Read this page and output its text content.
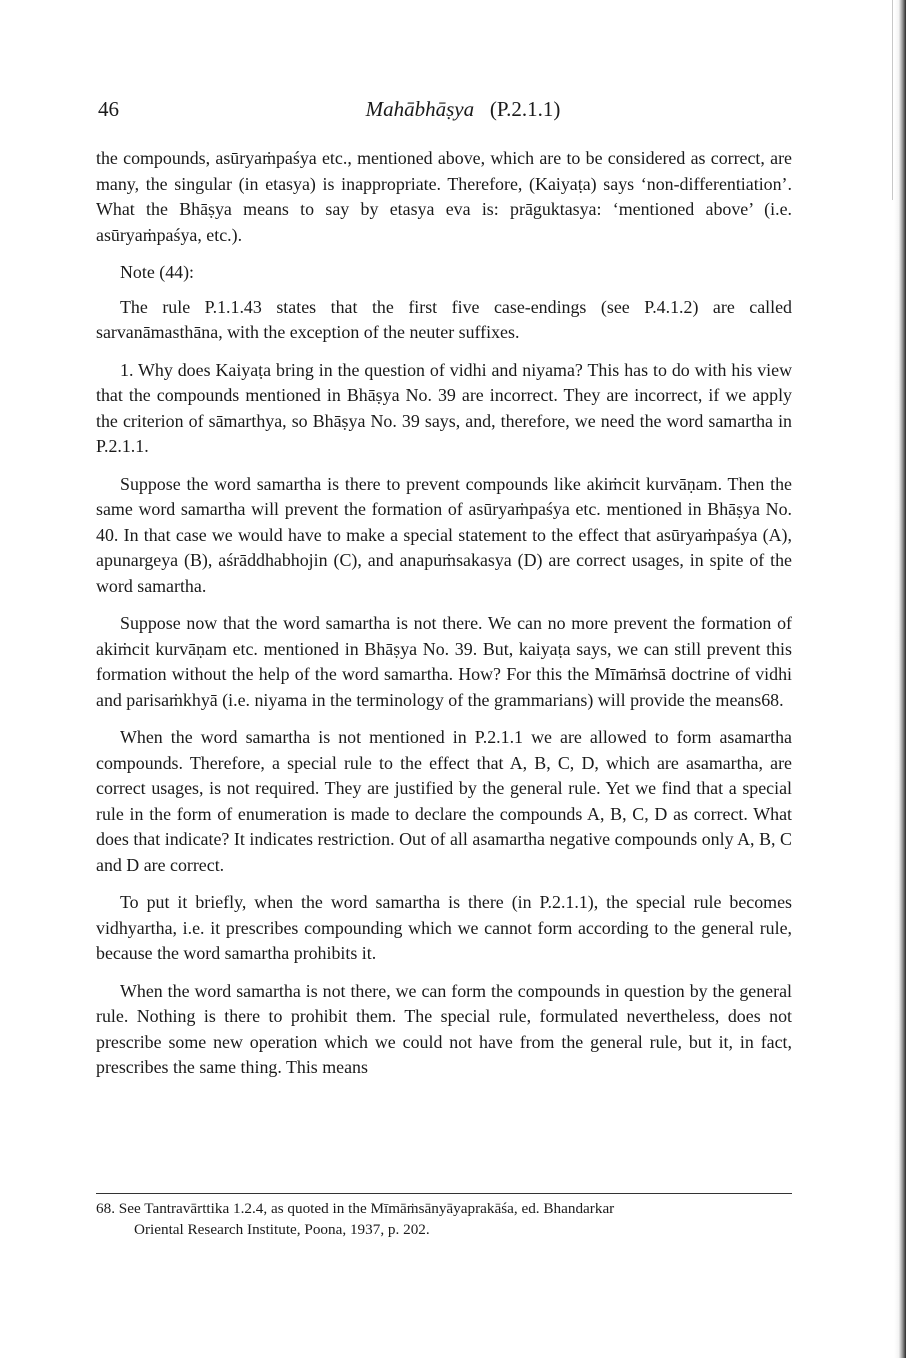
46	Mahābhāṣya (P.2.1.1)

the compounds, asūryaṁpaśya etc., mentioned above, which are to be considered as correct, are many, the singular (in etasya) is inappropriate. Therefore, (Kaiyaṭa) says ‘non-differentiation’. What the Bhāṣya means to say by etasya eva is: prāguktasya: ‘mentioned above’ (i.e. asūryaṁpaśya, etc.).

Note (44):

The rule P.1.1.43 states that the first five case-endings (see P.4.1.2) are called sarvanāmasthāna, with the exception of the neuter suffixes.

1. Why does Kaiyaṭa bring in the question of vidhi and niyama? This has to do with his view that the compounds mentioned in Bhāṣya No. 39 are incorrect. They are incorrect, if we apply the criterion of sāmarthya, so Bhāṣya No. 39 says, and, therefore, we need the word samartha in P.2.1.1.

Suppose the word samartha is there to prevent compounds like akiṁcit kurvāṇam. Then the same word samartha will prevent the formation of asūryaṁpaśya etc. mentioned in Bhāṣya No. 40. In that case we would have to make a special statement to the effect that asūryaṁpaśya (A), apunargeya (B), aśrāddhabhojin (C), and anapuṁsakasya (D) are correct usages, in spite of the word samartha.

Suppose now that the word samartha is not there. We can no more prevent the formation of akiṁcit kurvāṇam etc. mentioned in Bhāṣya No. 39. But, kaiyaṭa says, we can still prevent this formation without the help of the word samartha. How? For this the Mīmāṁsā doctrine of vidhi and parisaṁkhyā (i.e. niyama in the terminology of the grammarians) will provide the means68.

When the word samartha is not mentioned in P.2.1.1 we are allowed to form asamartha compounds. Therefore, a special rule to the effect that A, B, C, D, which are asamartha, are correct usages, is not required. They are justified by the general rule. Yet we find that a special rule in the form of enumeration is made to declare the compounds A, B, C, D as correct. What does that indicate? It indicates restriction. Out of all asamartha negative compounds only A, B, C and D are correct.

To put it briefly, when the word samartha is there (in P.2.1.1), the special rule becomes vidhyartha, i.e. it prescribes compounding which we cannot form according to the general rule, because the word samartha prohibits it.

When the word samartha is not there, we can form the compounds in question by the general rule. Nothing is there to prohibit them. The special rule, formulated nevertheless, does not prescribe some new operation which we could not have from the general rule, but it, in fact, prescribes the same thing. This means

68. See Tantravārttika 1.2.4, as quoted in the Mīmāṁsānyāyaprakāśa, ed. Bhandarkar
Oriental Research Institute, Poona, 1937, p. 202.
